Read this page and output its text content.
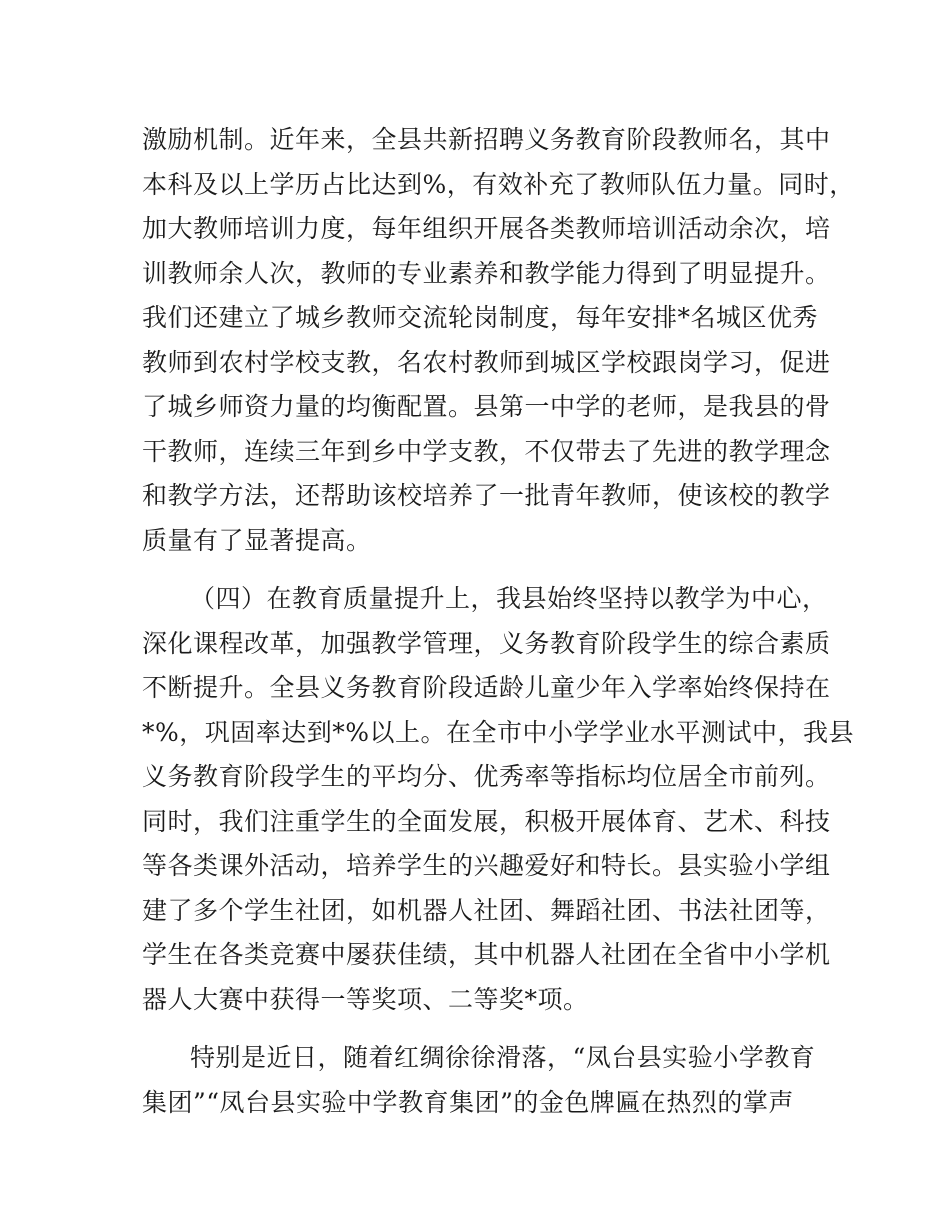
激励机制。近年来，全县共新招聘义务教育阶段教师名，其中
本科及以上学历占比达到%，有效补充了教师队伍力量。同时，
加大教师培训力度，每年组织开展各类教师培训活动余次，培
训教师余人次，教师的专业素养和教学能力得到了明显提升。
我们还建立了城乡教师交流轮岗制度，每年安排*名城区优秀
教师到农村学校支教，名农村教师到城区学校跟岗学习，促进
了城乡师资力量的均衡配置。县第一中学的老师，是我县的骨
干教师，连续三年到乡中学支教，不仅带去了先进的教学理念
和教学方法，还帮助该校培养了一批青年教师，使该校的教学
质量有了显著提高。
（四）在教育质量提升上，我县始终坚持以教学为中心，
深化课程改革，加强教学管理，义务教育阶段学生的综合素质
不断提升。全县义务教育阶段适龄儿童少年入学率始终保持在
*%，巩固率达到*%以上。在全市中小学学业水平测试中，我县
义务教育阶段学生的平均分、优秀率等指标均位居全市前列。
同时，我们注重学生的全面发展，积极开展体育、艺术、科技
等各类课外活动，培养学生的兴趣爱好和特长。县实验小学组
建了多个学生社团，如机器人社团、舞蹈社团、书法社团等，
学生在各类竞赛中屡获佳绩，其中机器人社团在全省中小学机
器人大赛中获得一等奖项、二等奖*项。
特别是近日，随着红绸徐徐滑落，“凤台县实验小学教育
集团”“凤台县实验中学教育集团”的金色牌匾在热烈的掌声
